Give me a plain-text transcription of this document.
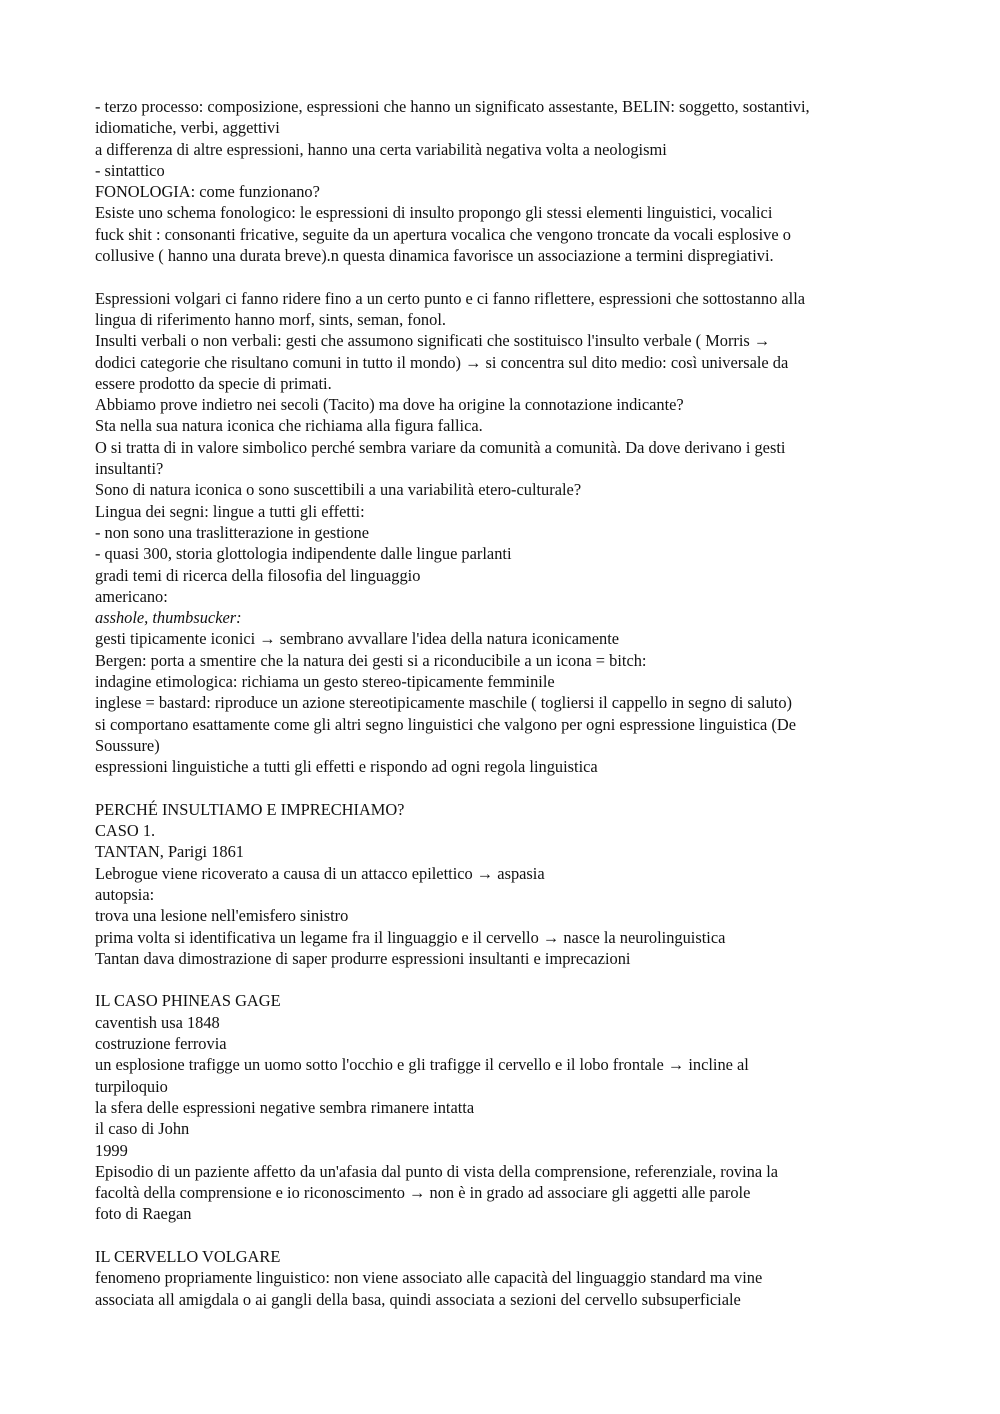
- terzo processo: composizione, espressioni che hanno un significato assestante, BELIN: soggetto, sostantivi,

idiomatiche, verbi, aggettivi

a differenza di altre espressioni, hanno una certa variabilità negativa volta a neologismi

- sintattico

FONOLOGIA: come funzionano?

Esiste uno schema fonologico: le espressioni di insulto propongo gli stessi elementi linguistici, vocalici

fuck shit : consonanti fricative, seguite da un apertura vocalica che vengono troncate da vocali esplosive o

collusive ( hanno una durata breve).n questa dinamica favorisce un associazione a termini dispregiativi.

Espressioni volgari ci fanno ridere fino a un certo punto e ci fanno riflettere, espressioni che sottostanno alla

lingua di riferimento hanno morf, sints, seman, fonol.

Insulti verbali o non verbali: gesti che assumono significati che sostituisco l'insulto verbale ( Morris →

dodici categorie che risultano comuni in tutto il mondo) → si concentra sul dito medio: così universale da

essere prodotto da specie di primati.

Abbiamo prove indietro nei secoli (Tacito) ma dove ha origine la connotazione indicante?

Sta nella sua natura iconica che richiama alla figura fallica.

O si tratta di in valore simbolico perché sembra variare da comunità a comunità. Da dove derivano i gesti

insultanti?

Sono di natura iconica o sono suscettibili a una variabilità etero-culturale?

Lingua dei segni: lingue a tutti gli effetti:

- non sono una traslitterazione in gestione

- quasi 300, storia glottologia indipendente dalle lingue parlanti

gradi temi di ricerca della filosofia del linguaggio

americano:

asshole, thumbsucker:

gesti tipicamente iconici → sembrano avvallare l'idea della natura iconicamente

Bergen: porta a smentire che la natura dei gesti si a riconducibile a un icona = bitch:

indagine etimologica: richiama un gesto stereo-tipicamente femminile

inglese = bastard: riproduce un azione stereotipicamente maschile ( togliersi il cappello in segno di saluto)

si comportano esattamente come gli altri segno linguistici che valgono per ogni espressione linguistica (De

Soussure)

espressioni linguistiche a tutti gli effetti e rispondo ad ogni regola linguistica

PERCHÉ INSULTIAMO E IMPRECHIAMO?

CASO 1.

TANTAN, Parigi 1861

Lebrogue viene ricoverato a causa di un attacco epilettico → aspasia

autopsia:

trova una lesione nell'emisfero sinistro

prima volta si identificativa un legame fra il linguaggio e il cervello → nasce la neurolinguistica

Tantan dava dimostrazione di saper produrre espressioni insultanti e imprecazioni

IL CASO PHINEAS GAGE

caventish usa 1848

costruzione ferrovia

un esplosione trafigge un uomo sotto l'occhio e gli trafigge il cervello e il lobo frontale → incline al

turpiloquio

la sfera delle espressioni negative sembra rimanere intatta

il caso di John

1999

Episodio di un paziente affetto da un'afasia dal punto di vista della comprensione, referenziale, rovina la

facoltà della comprensione e io riconoscimento → non è in grado ad associare gli aggetti alle parole

foto di Raegan

IL CERVELLO VOLGARE

fenomeno propriamente linguistico: non viene associato alle capacità del linguaggio standard ma vine

associata all amigdala o ai gangli della basa, quindi associata a sezioni del cervello subsuperficiale
